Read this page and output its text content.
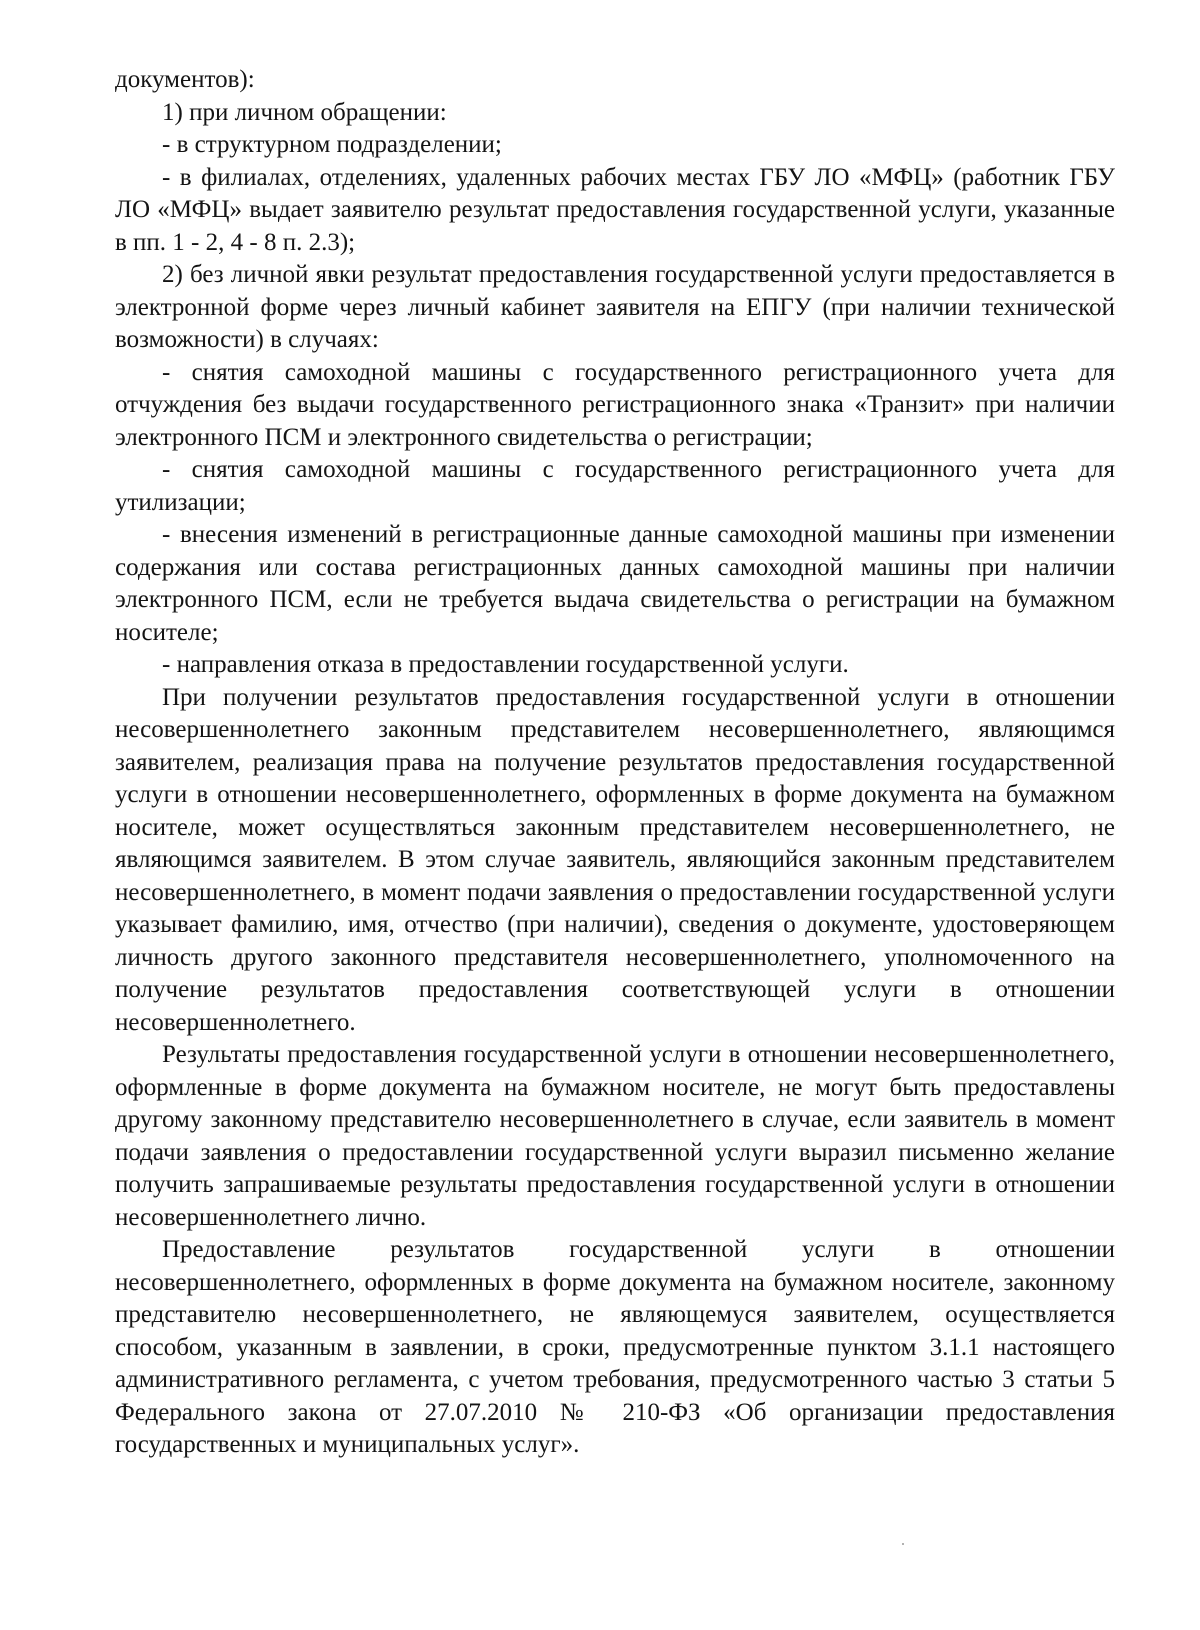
документов):

1) при личном обращении:

- в структурном подразделении;

- в филиалах, отделениях, удаленных рабочих местах ГБУ ЛО «МФЦ» (работник ГБУ ЛО «МФЦ» выдает заявителю результат предоставления государственной услуги, указанные в пп. 1 - 2, 4 - 8 п. 2.3);

2) без личной явки результат предоставления государственной услуги предоставляется в электронной форме через личный кабинет заявителя на ЕПГУ (при наличии технической возможности) в случаях:

- снятия самоходной машины с государственного регистрационного учета для отчуждения без выдачи государственного регистрационного знака «Транзит» при наличии электронного ПСМ и электронного свидетельства о регистрации;

- снятия самоходной машины с государственного регистрационного учета для утилизации;

- внесения изменений в регистрационные данные самоходной машины при изменении содержания или состава регистрационных данных самоходной машины при наличии электронного ПСМ, если не требуется выдача свидетельства о регистрации на бумажном носителе;

- направления отказа в предоставлении государственной услуги.

При получении результатов предоставления государственной услуги в отношении несовершеннолетнего законным представителем несовершеннолетнего, являющимся заявителем, реализация права на получение результатов предоставления государственной услуги в отношении несовершеннолетнего, оформленных в форме документа на бумажном носителе, может осуществляться законным представителем несовершеннолетнего, не являющимся заявителем. В этом случае заявитель, являющийся законным представителем несовершеннолетнего, в момент подачи заявления о предоставлении государственной услуги указывает фамилию, имя, отчество (при наличии), сведения о документе, удостоверяющем личность другого законного представителя несовершеннолетнего, уполномоченного на получение результатов предоставления соответствующей услуги в отношении несовершеннолетнего.

Результаты предоставления государственной услуги в отношении несовершеннолетнего, оформленные в форме документа на бумажном носителе, не могут быть предоставлены другому законному представителю несовершеннолетнего в случае, если заявитель в момент подачи заявления о предоставлении государственной услуги выразил письменно желание получить запрашиваемые результаты предоставления государственной услуги в отношении несовершеннолетнего лично.

Предоставление результатов государственной услуги в отношении несовершеннолетнего, оформленных в форме документа на бумажном носителе, законному представителю несовершеннолетнего, не являющемуся заявителем, осуществляется способом, указанным в заявлении, в сроки, предусмотренные пунктом 3.1.1 настоящего административного регламента, с учетом требования, предусмотренного частью 3 статьи 5 Федерального закона от 27.07.2010 № 210-ФЗ «Об организации предоставления государственных и муниципальных услуг».
